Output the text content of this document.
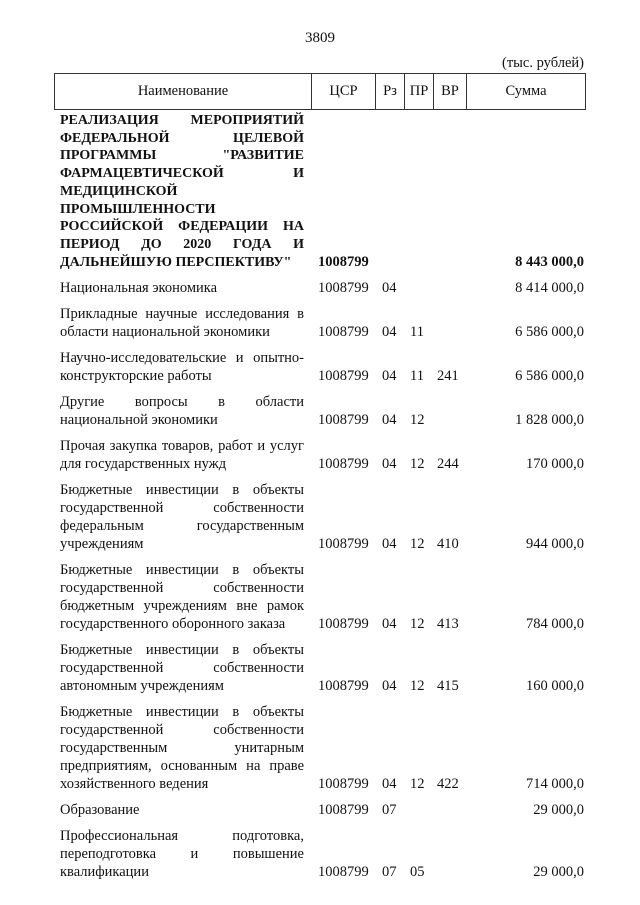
3809
(тыс. рублей)
Наименование	ЦСР	Рз ПР ВР	Сумма
РЕАЛИЗАЦИЯ МЕРОПРИЯТИЙ ФЕДЕРАЛЬНОЙ ЦЕЛЕВОЙ ПРОГРАММЫ "РАЗВИТИЕ ФАРМАЦЕВТИЧЕСКОЙ И МЕДИЦИНСКОЙ ПРОМЫШЛЕННОСТИ РОССИЙСКОЙ ФЕДЕРАЦИИ НА ПЕРИОД ДО 2020 ГОДА И ДАЛЬНЕЙШУЮ ПЕРСПЕКТИВУ"	1008799	8 443 000,0
Национальная экономика	1008799 04	8 414 000,0
Прикладные научные исследования в области национальной экономики	1008799 04 11	6 586 000,0
Научно-исследовательские и опытно-конструкторские работы	1008799 04 11 241	6 586 000,0
Другие вопросы в области национальной экономики	1008799 04 12	1 828 000,0
Прочая закупка товаров, работ и услуг для государственных нужд	1008799 04 12 244	170 000,0
Бюджетные инвестиции в объекты государственной собственности федеральным государственным учреждениям	1008799 04 12 410	944 000,0
Бюджетные инвестиции в объекты государственной собственности бюджетным учреждениям вне рамок государственного оборонного заказа	1008799 04 12 413	784 000,0
Бюджетные инвестиции в объекты государственной собственности автономным учреждениям	1008799 04 12 415	160 000,0
Бюджетные инвестиции в объекты государственной собственности государственным унитарным предприятиям, основанным на праве хозяйственного ведения	1008799 04 12 422	714 000,0
Образование	1008799 07	29 000,0
Профессиональная подготовка, переподготовка и повышение квалификации	1008799 07 05	29 000,0
